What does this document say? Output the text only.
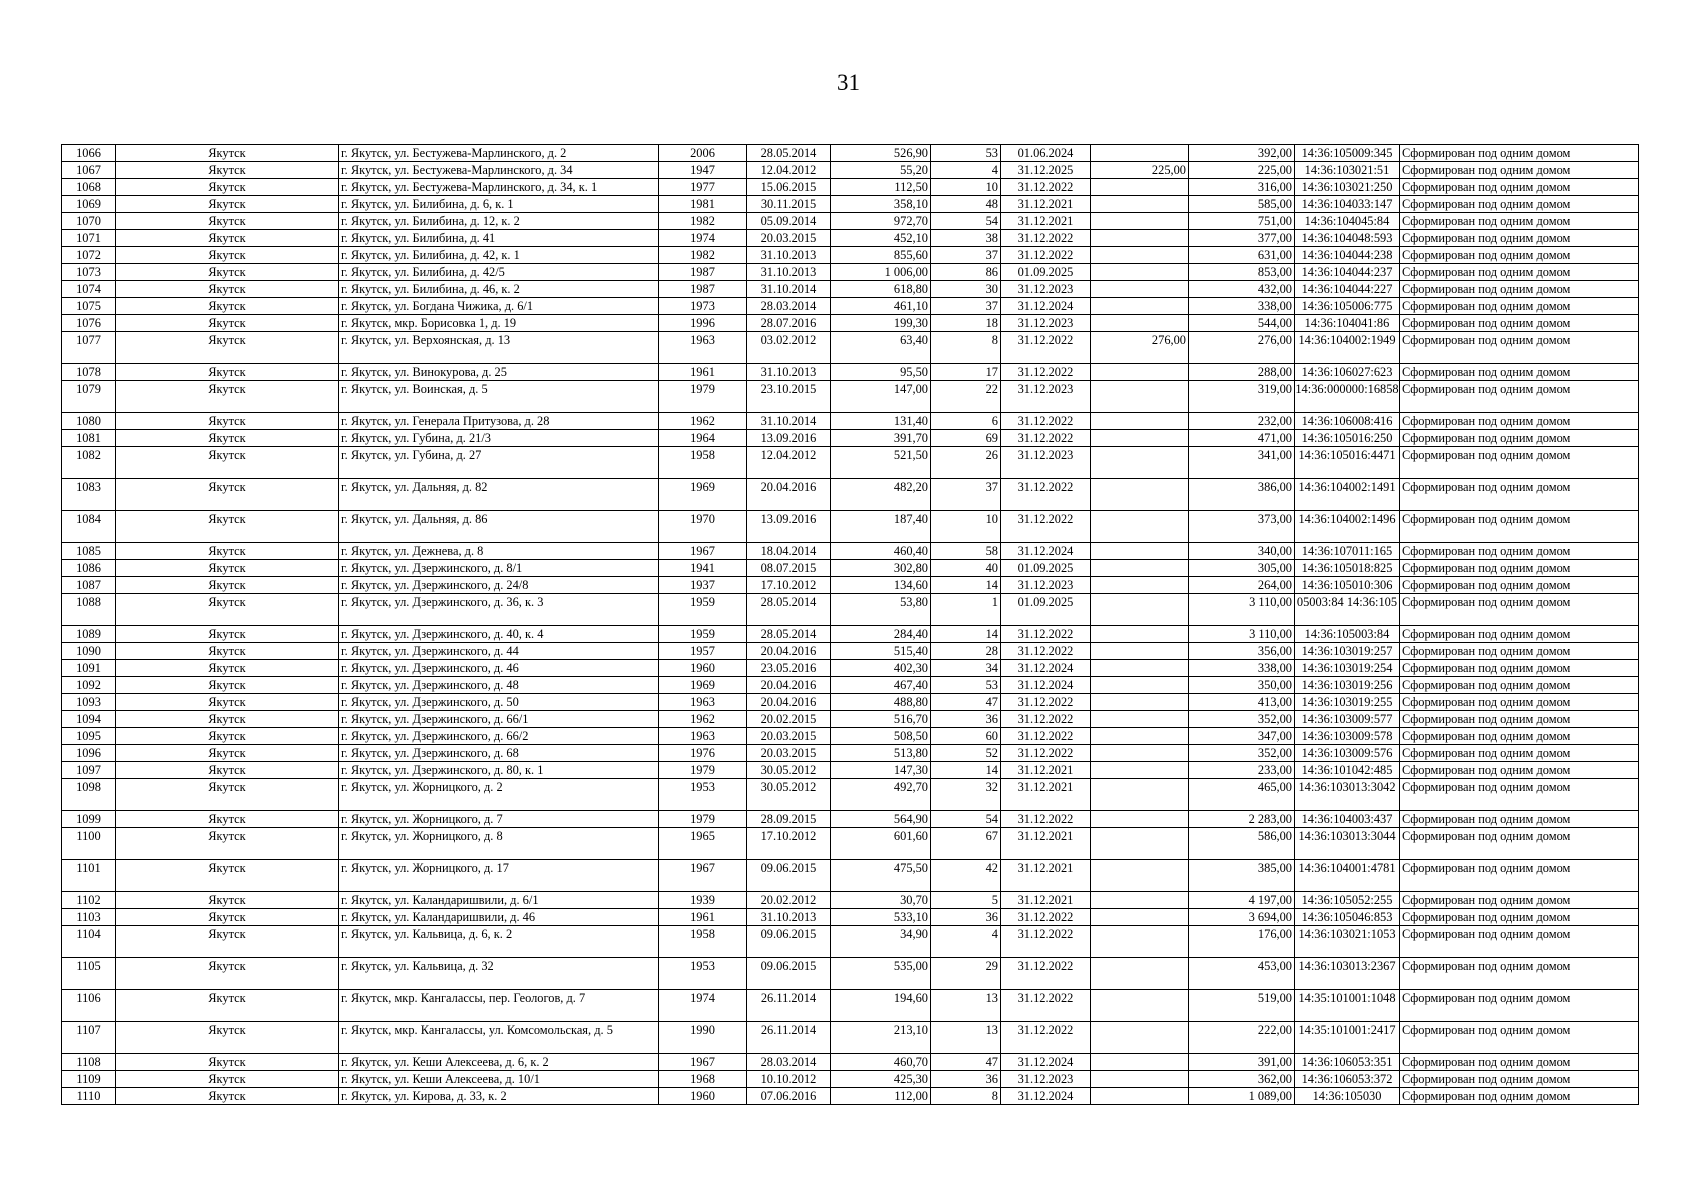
31
1066	Якутск	г. Якутск, ул. Бестужева-Марлинского, д. 2	2006	28.05.2014	526,90	53	01.06.2024		392,00	14:36:105009:345	Сформирован под одним домом
1067	Якутск	г. Якутск, ул. Бестужева-Марлинского, д. 34	1947	12.04.2012	55,20	4	31.12.2025	225,00	225,00	14:36:103021:51	Сформирован под одним домом
1068	Якутск	г. Якутск, ул. Бестужева-Марлинского, д. 34, к. 1	1977	15.06.2015	112,50	10	31.12.2022		316,00	14:36:103021:250	Сформирован под одним домом
1069	Якутск	г. Якутск, ул. Билибина, д. 6, к. 1	1981	30.11.2015	358,10	48	31.12.2021		585,00	14:36:104033:147	Сформирован под одним домом
1070	Якутск	г. Якутск, ул. Билибина, д. 12, к. 2	1982	05.09.2014	972,70	54	31.12.2021		751,00	14:36:104045:84	Сформирован под одним домом
1071	Якутск	г. Якутск, ул. Билибина, д. 41	1974	20.03.2015	452,10	38	31.12.2022		377,00	14:36:104048:593	Сформирован под одним домом
1072	Якутск	г. Якутск, ул. Билибина, д. 42, к. 1	1982	31.10.2013	855,60	37	31.12.2022		631,00	14:36:104044:238	Сформирован под одним домом
1073	Якутск	г. Якутск, ул. Билибина, д. 42/5	1987	31.10.2013	1 006,00	86	01.09.2025		853,00	14:36:104044:237	Сформирован под одним домом
1074	Якутск	г. Якутск, ул. Билибина, д. 46, к. 2	1987	31.10.2014	618,80	30	31.12.2023		432,00	14:36:104044:227	Сформирован под одним домом
1075	Якутск	г. Якутск, ул. Богдана Чижика, д. 6/1	1973	28.03.2014	461,10	37	31.12.2024		338,00	14:36:105006:775	Сформирован под одним домом
1076	Якутск	г. Якутск, мкр. Борисовка 1, д. 19	1996	28.07.2016	199,30	18	31.12.2023		544,00	14:36:104041:86	Сформирован под одним домом
1077	Якутск	г. Якутск, ул. Верхоянская, д. 13	1963	03.02.2012	63,40	8	31.12.2022	276,00	276,00	14:36:104002:1949	Сформирован под одним домом
1078	Якутск	г. Якутск, ул. Винокурова, д. 25	1961	31.10.2013	95,50	17	31.12.2022		288,00	14:36:106027:623	Сформирован под одним домом
1079	Якутск	г. Якутск, ул. Воинская, д. 5	1979	23.10.2015	147,00	22	31.12.2023		319,00	14:36:000000:16858	Сформирован под одним домом
1080	Якутск	г. Якутск, ул. Генерала Притузова, д. 28	1962	31.10.2014	131,40	6	31.12.2022		232,00	14:36:106008:416	Сформирован под одним домом
1081	Якутск	г. Якутск, ул. Губина, д. 21/3	1964	13.09.2016	391,70	69	31.12.2022		471,00	14:36:105016:250	Сформирован под одним домом
1082	Якутск	г. Якутск, ул. Губина, д. 27	1958	12.04.2012	521,50	26	31.12.2023		341,00	14:36:105016:4471	Сформирован под одним домом
1083	Якутск	г. Якутск, ул. Дальняя, д. 82	1969	20.04.2016	482,20	37	31.12.2022		386,00	14:36:104002:1491	Сформирован под одним домом
1084	Якутск	г. Якутск, ул. Дальняя, д. 86	1970	13.09.2016	187,40	10	31.12.2022		373,00	14:36:104002:1496	Сформирован под одним домом
1085	Якутск	г. Якутск, ул. Дежнева, д. 8	1967	18.04.2014	460,40	58	31.12.2024		340,00	14:36:107011:165	Сформирован под одним домом
1086	Якутск	г. Якутск, ул. Дзержинского, д. 8/1	1941	08.07.2015	302,80	40	01.09.2025		305,00	14:36:105018:825	Сформирован под одним домом
1087	Якутск	г. Якутск, ул. Дзержинского, д. 24/8	1937	17.10.2012	134,60	14	31.12.2023		264,00	14:36:105010:306	Сформирован под одним домом
1088	Якутск	г. Якутск, ул. Дзержинского, д. 36, к. 3	1959	28.05.2014	53,80	1	01.09.2025		3 110,00	05003:84 14:36:105	Сформирован под одним домом
1089	Якутск	г. Якутск, ул. Дзержинского, д. 40, к. 4	1959	28.05.2014	284,40	14	31.12.2022		3 110,00	14:36:105003:84	Сформирован под одним домом
1090	Якутск	г. Якутск, ул. Дзержинского, д. 44	1957	20.04.2016	515,40	28	31.12.2022		356,00	14:36:103019:257	Сформирован под одним домом
1091	Якутск	г. Якутск, ул. Дзержинского, д. 46	1960	23.05.2016	402,30	34	31.12.2024		338,00	14:36:103019:254	Сформирован под одним домом
1092	Якутск	г. Якутск, ул. Дзержинского, д. 48	1969	20.04.2016	467,40	53	31.12.2024		350,00	14:36:103019:256	Сформирован под одним домом
1093	Якутск	г. Якутск, ул. Дзержинского, д. 50	1963	20.04.2016	488,80	47	31.12.2022		413,00	14:36:103019:255	Сформирован под одним домом
1094	Якутск	г. Якутск, ул. Дзержинского, д. 66/1	1962	20.02.2015	516,70	36	31.12.2022		352,00	14:36:103009:577	Сформирован под одним домом
1095	Якутск	г. Якутск, ул. Дзержинского, д. 66/2	1963	20.03.2015	508,50	60	31.12.2022		347,00	14:36:103009:578	Сформирован под одним домом
1096	Якутск	г. Якутск, ул. Дзержинского, д. 68	1976	20.03.2015	513,80	52	31.12.2022		352,00	14:36:103009:576	Сформирован под одним домом
1097	Якутск	г. Якутск, ул. Дзержинского, д. 80, к. 1	1979	30.05.2012	147,30	14	31.12.2021		233,00	14:36:101042:485	Сформирован под одним домом
1098	Якутск	г. Якутск, ул. Жорницкого, д. 2	1953	30.05.2012	492,70	32	31.12.2021		465,00	14:36:103013:3042	Сформирован под одним домом
1099	Якутск	г. Якутск, ул. Жорницкого, д. 7	1979	28.09.2015	564,90	54	31.12.2022		2 283,00	14:36:104003:437	Сформирован под одним домом
1100	Якутск	г. Якутск, ул. Жорницкого, д. 8	1965	17.10.2012	601,60	67	31.12.2021		586,00	14:36:103013:3044	Сформирован под одним домом
1101	Якутск	г. Якутск, ул. Жорницкого, д. 17	1967	09.06.2015	475,50	42	31.12.2021		385,00	14:36:104001:4781	Сформирован под одним домом
1102	Якутск	г. Якутск, ул. Каландаришвили, д. 6/1	1939	20.02.2012	30,70	5	31.12.2021		4 197,00	14:36:105052:255	Сформирован под одним домом
1103	Якутск	г. Якутск, ул. Каландаришвили, д. 46	1961	31.10.2013	533,10	36	31.12.2022		3 694,00	14:36:105046:853	Сформирован под одним домом
1104	Якутск	г. Якутск, ул. Кальвица, д. 6, к. 2	1958	09.06.2015	34,90	4	31.12.2022		176,00	14:36:103021:1053	Сформирован под одним домом
1105	Якутск	г. Якутск, ул. Кальвица, д. 32	1953	09.06.2015	535,00	29	31.12.2022		453,00	14:36:103013:2367	Сформирован под одним домом
1106	Якутск	г. Якутск, мкр. Кангалассы, пер. Геологов, д. 7	1974	26.11.2014	194,60	13	31.12.2022		519,00	14:35:101001:1048	Сформирован под одним домом
1107	Якутск	г. Якутск, мкр. Кангалассы, ул. Комсомольская, д. 5	1990	26.11.2014	213,10	13	31.12.2022		222,00	14:35:101001:2417	Сформирован под одним домом
1108	Якутск	г. Якутск, ул. Кеши Алексеева, д. 6, к. 2	1967	28.03.2014	460,70	47	31.12.2024		391,00	14:36:106053:351	Сформирован под одним домом
1109	Якутск	г. Якутск, ул. Кеши Алексеева, д. 10/1	1968	10.10.2012	425,30	36	31.12.2023		362,00	14:36:106053:372	Сформирован под одним домом
1110	Якутск	г. Якутск, ул. Кирова, д. 33, к. 2	1960	07.06.2016	112,00	8	31.12.2024		1 089,00	14:36:105030	Сформирован под одним домом
